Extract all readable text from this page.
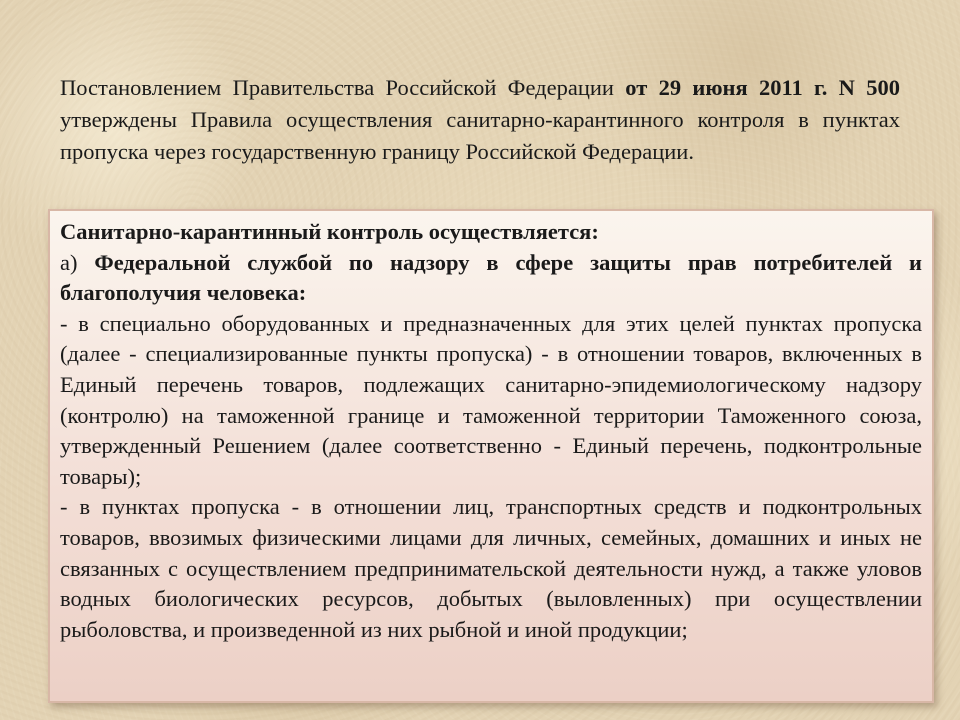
Постановлением Правительства Российской Федерации от 29 июня 2011 г. N 500 утверждены Правила осуществления санитарно-карантинного контроля в пунктах пропуска через государственную границу Российской Федерации.

Санитарно-карантинный контроль осуществляется:

а) Федеральной службой по надзору в сфере защиты прав потребителей и благополучия человека:

- в специально оборудованных и предназначенных для этих целей пунктах пропуска (далее - специализированные пункты пропуска) - в отношении товаров, включенных в Единый перечень товаров, подлежащих санитарно-эпидемиологическому надзору (контролю) на таможенной границе и таможенной территории Таможенного союза, утвержденный Решением (далее соответственно - Единый перечень, подконтрольные товары);

- в пунктах пропуска - в отношении лиц, транспортных средств и подконтрольных товаров, ввозимых физическими лицами для личных, семейных, домашних и иных не связанных с осуществлением предпринимательской деятельности нужд, а также уловов водных биологических ресурсов, добытых (выловленных) при осуществлении рыболовства, и произведенной из них рыбной и иной продукции;
